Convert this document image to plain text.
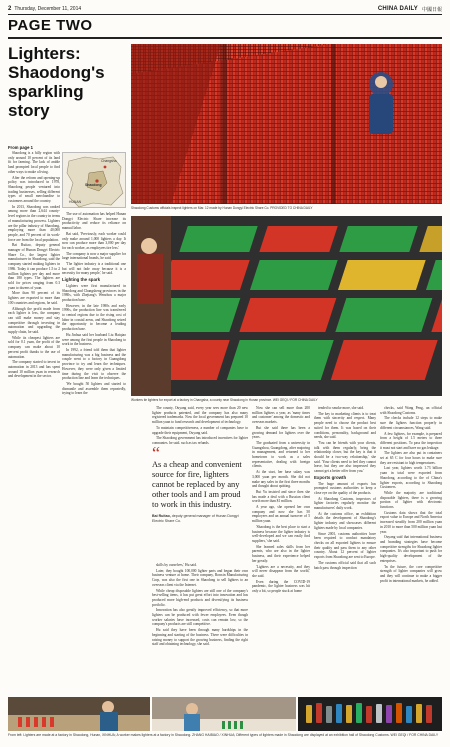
2 Thursday, December 11, 2014	CHINA DAILY 中國日報
PAGE TWO
Lighters:
Shaodong's
sparkling story
From page 1

Shaodong is a hilly region with only around 10 percent of its land fit for farming. The lack of arable land prompted local people to find other ways to make a living.

After the reform and opening-up policy was introduced in 1978, Shaodong people ventured into trading businesses, selling different types of small merchandise to customers around the country.

In 2013, Shaodong was ranked among more than 2,644 county-level regions in the country in terms of manufacturing prowess. Lighters are the pillar industry of Shaodong, employing more than 40,000 people, and 70 percent of its work-force are from the local population.

Bai Ruitao, deputy general manager of Hunan Dongyi Electric Share Co., the largest lighter manufacturer in Shaodong, said the company started making lighters in 1986. Today it can produce 1.5 to 2 million lighters per day and more than 180 types. The lighters are sold for prices ranging from 0.3 yuan to dozens of yuan.

More than 90 percent of its lighters are exported to more than 100 countries and regions, he said.

Although the profit made from each lighter is less, the company can still make money and stay competitive through investing in automation and upgrading the supply chain, he said.

While its cheapest lighters are sold for 0.1 yuan, the profit of the company can make about 10 percent profit thanks to the use of automation.

The company started to invest in automation in 2013 and has spent around 10 million yuan in research and development in the sector.

Changsha
Shaodong
HUNAN

The use of automation has helped Hunan Dongyi Electric Share increase its productivity and reduce its reliance on manual labor.

Bai said, 'Previously, each worker could only make around 1,000 lighters a day. It now can produce more than 3,000 per day for each worker, as employees tire less.'

The company is now a major supplier for large international brands, he said.

'The lighter industry is a traditional one but will not fade away because it is a necessity for many people,' he said.

Lighting the spark

Lighters were first manufactured in Shaodong and Changsheng provinces in the 1980s, with Zhejiang's Wenzhou a major production base.

However, in the late 1980s and early 1990s, the production line was transferred to central regions due to the rising cost of labor in coastal areas, and Shaodong seized the opportunity to become a leading production base.

Hu Jinhua said her husband Liu Haiqiao were among the first people in Shaodong to work in the business.

In 1992, a friend told them that lighter manufacturing was a big business and the couple went to a factory in Guangdong province to try and learn the techniques. However, they were only given a limited time during the visit to observe the production line and learn the techniques.

'We bought 50 lighters and started to dismantle and assemble them repeatedly, trying to learn the

Shaodong Customs officials inspect lighters on Mar. 12 made by Hunan Dongyi Electric Share Co. PROVIDED TO CHINA DAILY
Workers tie lighters for export at a factory in Changsha, a county near Shaodong in Hunan province. WEI GEQI / FOR CHINA DAILY
“
As a cheap and convenient source for fire, lighters cannot be replaced by any other tools and I am proud to work in this industry.
Bai Ruitao, deputy general manager of Hunan Dongyi Electric Share Co.

skills by ourselves,' Hu said.

Later, they bought 100,000 lighter parts and began their own business venture at home. Their company, Ronxin Manufacturing Corp, was also the first one in Shaodong to sell lighters to an overseas client via the Internet.

While cheap disposable lighters are still one of the company's best-selling items, it has put great effort into innovation and has produced more high-end products and diversifying its business portfolio.

Innovation has also greatly improved efficiency, so that more lighters can be produced with fewer employees. Even though worker salaries have increased, costs can remain low, so the company's products are still competitive.

Hu said they have been through many hardships in the beginning and starting of the business. There were difficulties in raising money to support the growing business, finding the right staff and obtaining technology, she said.

Now she can sell more than 200 million lighters a year, as 'many times and customer' among the domestic and overseas markets.

But she said there has been a growing demand for lighters over the years.

The graduated from a university in Guangzhou, Guangdong, after majoring in management, and returned to her hometown to work as a sales representative, dealing with foreign clients.

At the start, her base salary was 3,000 yuan per month. She did not make any sales in the first three months and thought about quitting.

But Yu insisted and since then she has made a deal with a Russian client worth more than $1 million.

A year ago, she opened her own company and now she has 50 employees and an annual turnover of 5 million yuan.

'Shaodong is the best place to start a business because the lighter industry is well-developed and we can easily find suppliers,' she said.

She learned sales skills from her parents, who are also in the lighter business, and their experience helped her greatly.

'Lighters are a necessity, and they will never disappear from the world,' she said.

Even during the COVID-19 pandemic, the lighter business was hit only a bit, so people stuck at home

tended to smoke more, she said.

The key to marketing clients is to treat them with sincerity and respect. Many people need to choose the product best suited for them. It was based on their conditions, personality, background and needs, she said.

'You can be friends with your clients, talk with them regularly, bring the relationship closer, but the key is that it should be a two-way relationship,' she said. 'Your clients need to feel they cannot leave, but they are also impressed they cannot get a better offer from you.'

Exports growth

The huge amount of exports has prompted customs authorities to keep a close eye on the quality of the products.

At Shaodong Customs, inspectors of lighter factories regularly monitor the manufacturers' daily work.

At the customs office, an exhibition details the development of Shaodong's lighter industry and showcases different lighters made by local companies.

Since 2001, customs authorities have been required to conduct mandatory checks on all exported lighters to ensure their quality and pass them to any other country. About 12 percent of lighter exports from Shaodong are sent to Europe.

The customs official said that all such batch pass through inspection

checks, said Wang Peng, an official with Shaodong Customs.

The checks include 12 steps to make sure the lighters function properly in different circumstances, Wang said.

A few lighters, for example, is prepared from a height of 1.5 meters to three different positions. To pass the inspection it must not start and have no gas leakage.

The lighters are also put in containers set at 65 C for four hours to make sure they are resistant to high temperatures.

Last year, lighters worth 1.73 billion yuan in total were exported from Shaodong, according to the of China's lighter exports, according to Shaodong Customers.

While the majority are traditional disposable lighters, there is a growing portion of lighter with electronic functions.

Customs data shows that the total export value to Europe and North America increased steadily from 200 million yuan in 2010 to more than 500 million yuan last year.

Ouyang said that international business and branding strategies have become competitive strengths for Shaodong lighter companies. It's also important to push for high-quality development of the enterprises.

'In the future, the core competitive strength of lighter companies will grow and they will continue to make a bigger profit in international markets, he added.

From left: Lighters are made at a factory in Shaodong, Hunan, XINHUA; A worker makes lighters at a factory in Shaodong. ZHANG HAIBIAO / XINHUA; Different types of lighters made in Shaodong are displayed at an exhibition hall of Shaodong Customs. WEI GEQI / FOR CHINA DAILY

The county, Ouyang said, every year sees more than 20 new lighter products patented, and the company has also many registered trademarks. Now the local government has prepared 10 million yuan to fund research and development of technology.

To maintain competitiveness, a number of companies have to upgrade their equipment, Ouyang said.

The Shaodong government has introduced incentives for lighter companies, he said, such as tax refunds.
